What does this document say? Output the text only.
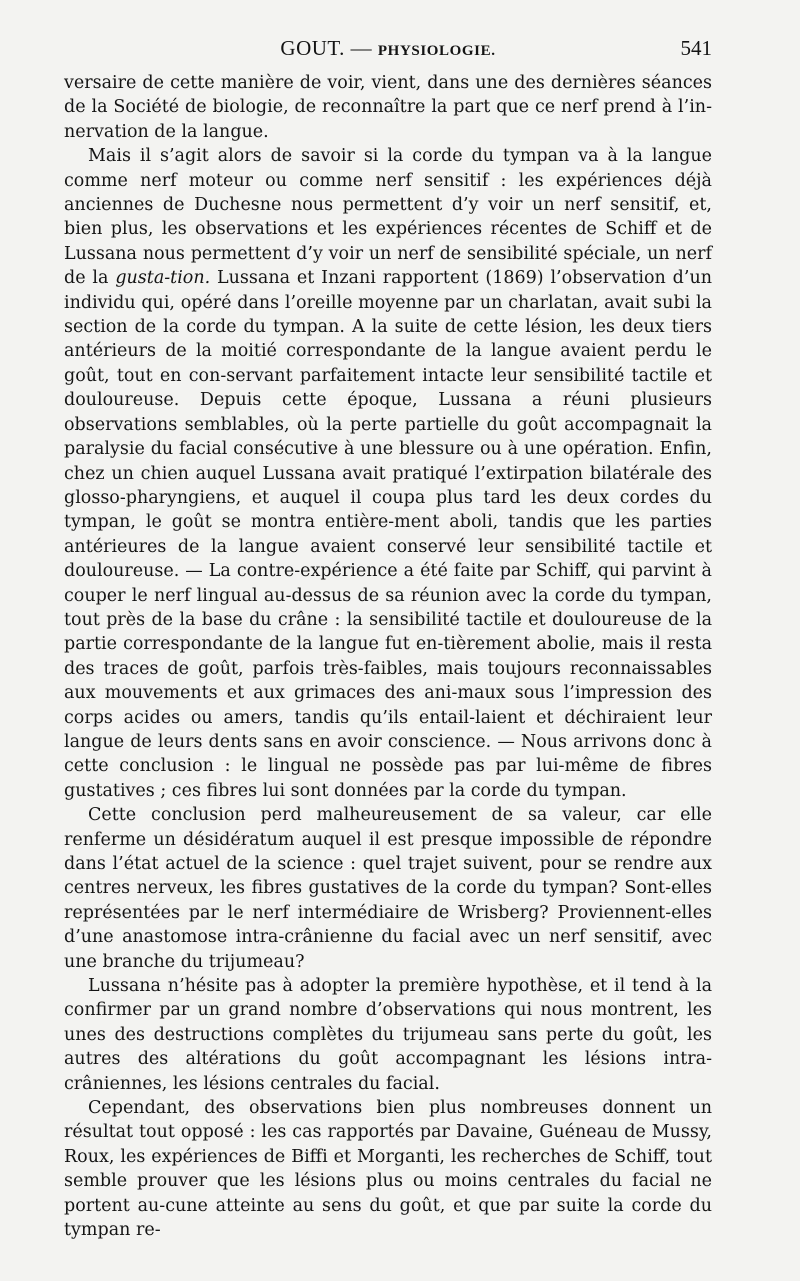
GOUT. — PHYSIOLOGIE.	541

versaire de cette manière de voir, vient, dans une des dernières séances de la Société de biologie, de reconnaître la part que ce nerf prend à l’in-nervation de la langue.

Mais il s’agit alors de savoir si la corde du tympan va à la langue comme nerf moteur ou comme nerf sensitif : les expériences déjà anciennes de Duchesne nous permettent d’y voir un nerf sensitif, et, bien plus, les observations et les expériences récentes de Schiff et de Lussana nous permettent d’y voir un nerf de sensibilité spéciale, un nerf de la gusta-tion. Lussana et Inzani rapportent (1869) l’observation d’un individu qui, opéré dans l’oreille moyenne par un charlatan, avait subi la section de la corde du tympan. A la suite de cette lésion, les deux tiers antérieurs de la moitié correspondante de la langue avaient perdu le goût, tout en con-servant parfaitement intacte leur sensibilité tactile et douloureuse. Depuis cette époque, Lussana a réuni plusieurs observations semblables, où la perte partielle du goût accompagnait la paralysie du facial consécutive à une blessure ou à une opération. Enfin, chez un chien auquel Lussana avait pratiqué l’extirpation bilatérale des glosso-pharyngiens, et auquel il coupa plus tard les deux cordes du tympan, le goût se montra entière-ment aboli, tandis que les parties antérieures de la langue avaient conservé leur sensibilité tactile et douloureuse. — La contre-expérience a été faite par Schiff, qui parvint à couper le nerf lingual au-dessus de sa réunion avec la corde du tympan, tout près de la base du crâne : la sensibilité tactile et douloureuse de la partie correspondante de la langue fut en-tièrement abolie, mais il resta des traces de goût, parfois très-faibles, mais toujours reconnaissables aux mouvements et aux grimaces des ani-maux sous l’impression des corps acides ou amers, tandis qu’ils entail-laient et déchiraient leur langue de leurs dents sans en avoir conscience. — Nous arrivons donc à cette conclusion : le lingual ne possède pas par lui-même de fibres gustatives ; ces fibres lui sont données par la corde du tympan.

Cette conclusion perd malheureusement de sa valeur, car elle renferme un désidératum auquel il est presque impossible de répondre dans l’état actuel de la science : quel trajet suivent, pour se rendre aux centres nerveux, les fibres gustatives de la corde du tympan? Sont-elles représentées par le nerf intermédiaire de Wrisberg? Proviennent-elles d’une anastomose intra-crânienne du facial avec un nerf sensitif, avec une branche du trijumeau?

Lussana n’hésite pas à adopter la première hypothèse, et il tend à la confirmer par un grand nombre d’observations qui nous montrent, les unes des destructions complètes du trijumeau sans perte du goût, les autres des altérations du goût accompagnant les lésions intra-crâniennes, les lésions centrales du facial.

Cependant, des observations bien plus nombreuses donnent un résultat tout opposé : les cas rapportés par Davaine, Guéneau de Mussy, Roux, les expériences de Biffi et Morganti, les recherches de Schiff, tout semble prouver que les lésions plus ou moins centrales du facial ne portent au-cune atteinte au sens du goût, et que par suite la corde du tympan re-
